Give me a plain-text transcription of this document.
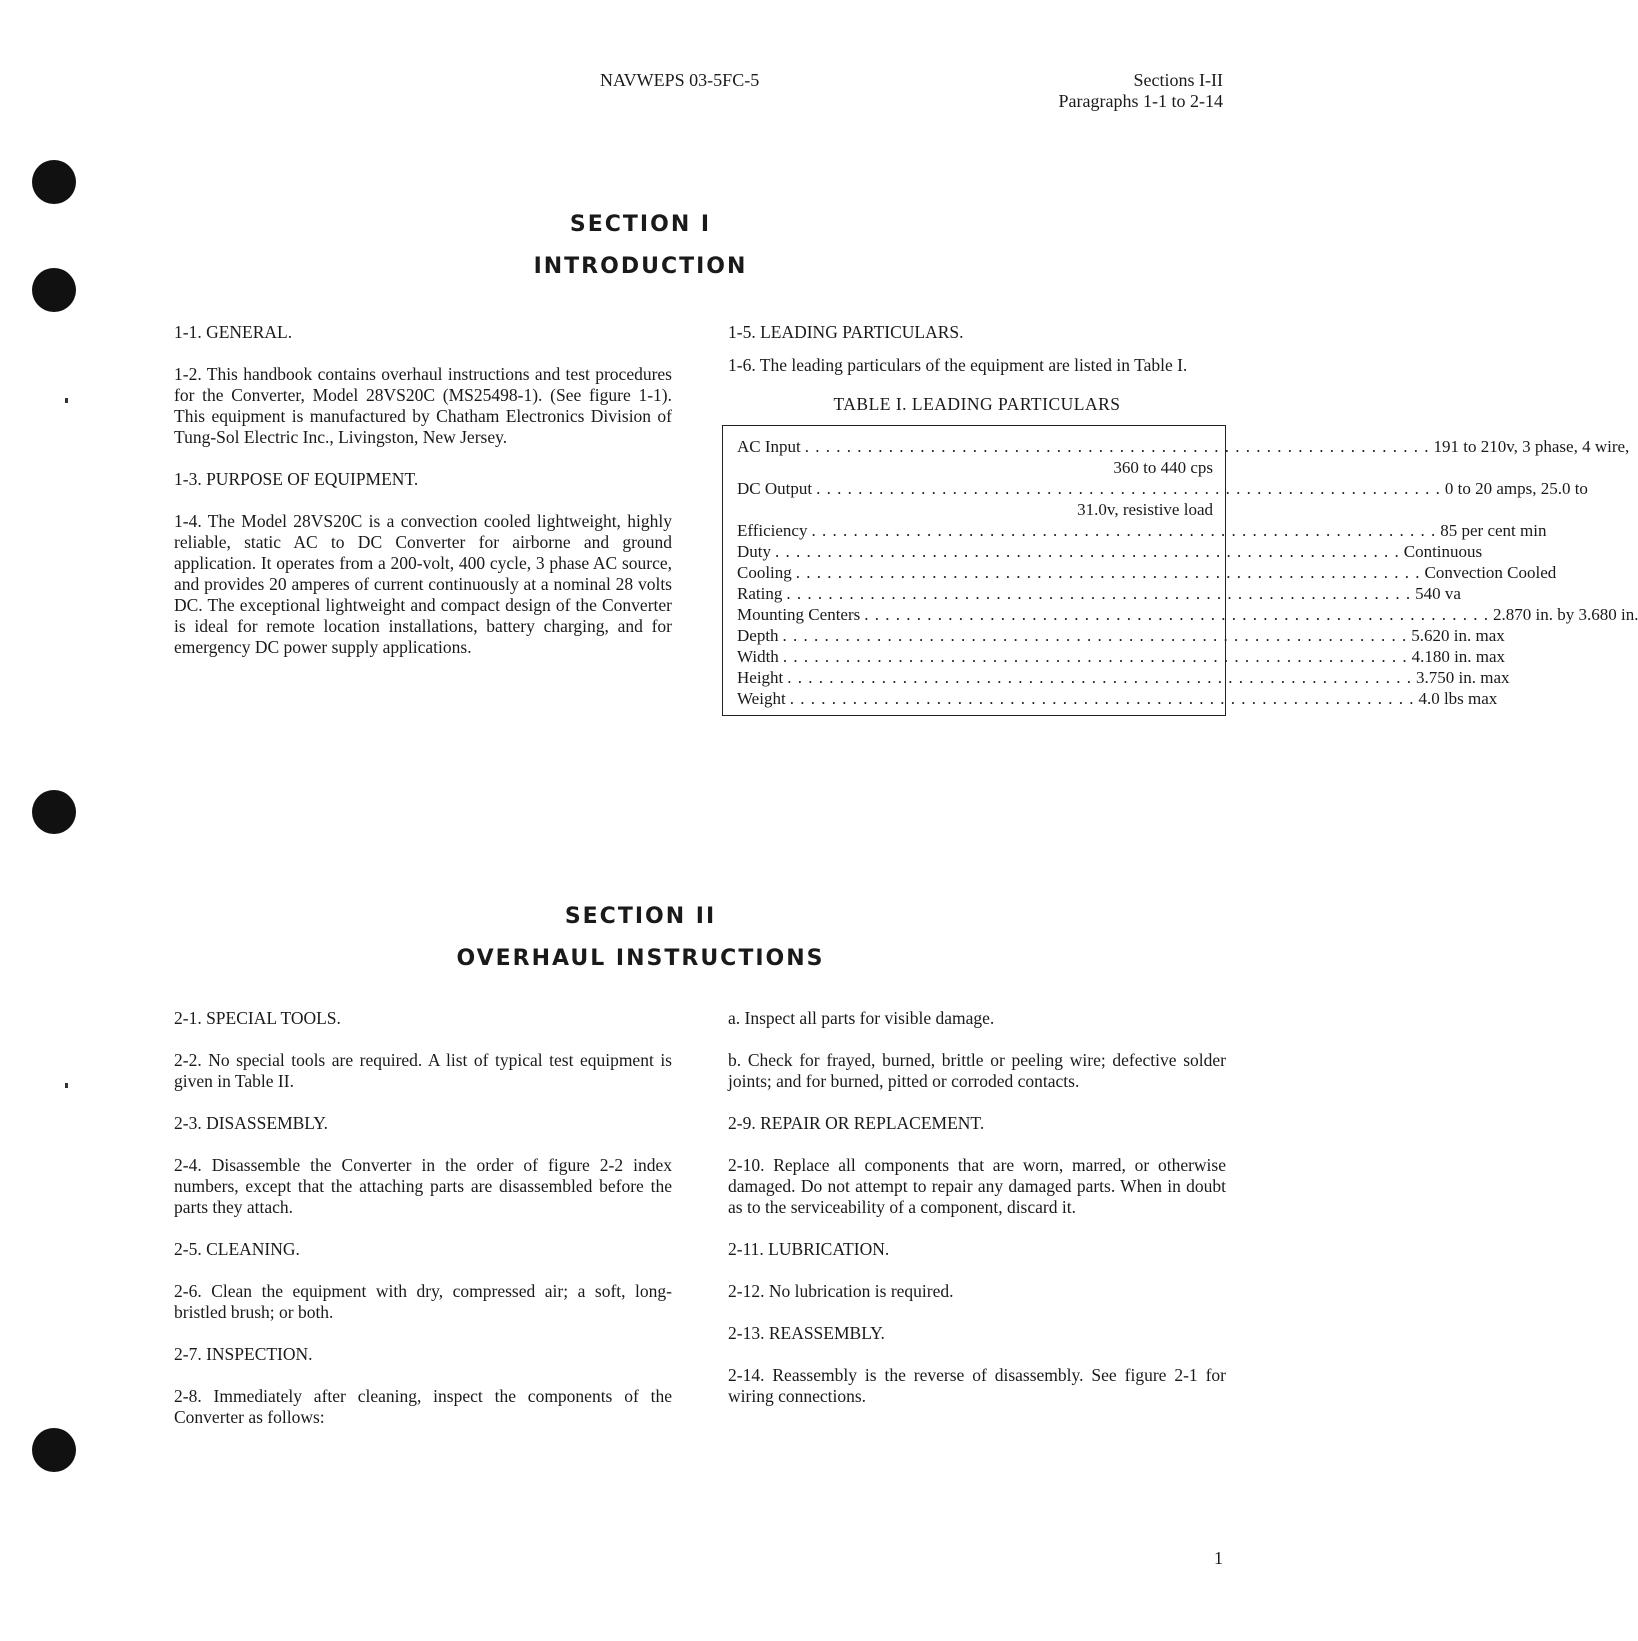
NAVWEPS 03-5FC-5	Sections I-II
Paragraphs 1-1 to 2-14
SECTION I
INTRODUCTION

1-1. GENERAL.

1-2. This handbook contains overhaul instructions and test procedures for the Converter, Model 28VS20C (MS25498-1). (See figure 1-1). This equipment is manufactured by Chatham Electronics Division of Tung-Sol Electric Inc., Livingston, New Jersey.

1-3. PURPOSE OF EQUIPMENT.

1-4. The Model 28VS20C is a convection cooled lightweight, highly reliable, static AC to DC Converter for airborne and ground application. It operates from a 200-volt, 400 cycle, 3 phase AC source, and provides 20 amperes of current continuously at a nominal 28 volts DC. The exceptional lightweight and compact design of the Converter is ideal for remote location installations, battery charging, and for emergency DC power supply applications.

1-5. LEADING PARTICULARS.

1-6. The leading particulars of the equipment are listed in Table I.

TABLE I. LEADING PARTICULARS
AC Input . . . . . . . . . . . . . . . . . . . . . . . . . . . . . . . . . . . . . . . . . . . . . . . . . . . . . . . . . . . . 191 to 210v, 3 phase, 4 wire,
360 to 440 cps
DC Output . . . . . . . . . . . . . . . . . . . . . . . . . . . . . . . . . . . . . . . . . . . . . . . . . . . . . . . . . . . . 0 to 20 amps, 25.0 to
31.0v, resistive load
Efficiency . . . . . . . . . . . . . . . . . . . . . . . . . . . . . . . . . . . . . . . . . . . . . . . . . . . . . . . . . . . . 85 per cent min
Duty . . . . . . . . . . . . . . . . . . . . . . . . . . . . . . . . . . . . . . . . . . . . . . . . . . . . . . . . . . . . Continuous
Cooling . . . . . . . . . . . . . . . . . . . . . . . . . . . . . . . . . . . . . . . . . . . . . . . . . . . . . . . . . . . . Convection Cooled
Rating . . . . . . . . . . . . . . . . . . . . . . . . . . . . . . . . . . . . . . . . . . . . . . . . . . . . . . . . . . . . 540 va
Mounting Centers . . . . . . . . . . . . . . . . . . . . . . . . . . . . . . . . . . . . . . . . . . . . . . . . . . . . . . . . . . . . 2.870 in. by 3.680 in.
Depth . . . . . . . . . . . . . . . . . . . . . . . . . . . . . . . . . . . . . . . . . . . . . . . . . . . . . . . . . . . . 5.620 in. max
Width . . . . . . . . . . . . . . . . . . . . . . . . . . . . . . . . . . . . . . . . . . . . . . . . . . . . . . . . . . . . 4.180 in. max
Height . . . . . . . . . . . . . . . . . . . . . . . . . . . . . . . . . . . . . . . . . . . . . . . . . . . . . . . . . . . . 3.750 in. max
Weight . . . . . . . . . . . . . . . . . . . . . . . . . . . . . . . . . . . . . . . . . . . . . . . . . . . . . . . . . . . . 4.0 lbs max
SECTION II
OVERHAUL INSTRUCTIONS

2-1. SPECIAL TOOLS.

2-2. No special tools are required. A list of typical test equipment is given in Table II.

2-3. DISASSEMBLY.

2-4. Disassemble the Converter in the order of figure 2-2 index numbers, except that the attaching parts are disassembled before the parts they attach.

2-5. CLEANING.

2-6. Clean the equipment with dry, compressed air; a soft, long-bristled brush; or both.

2-7. INSPECTION.

2-8. Immediately after cleaning, inspect the components of the Converter as follows:

a. Inspect all parts for visible damage.

b. Check for frayed, burned, brittle or peeling wire; defective solder joints; and for burned, pitted or corroded contacts.

2-9. REPAIR OR REPLACEMENT.

2-10. Replace all components that are worn, marred, or otherwise damaged. Do not attempt to repair any damaged parts. When in doubt as to the serviceability of a component, discard it.

2-11. LUBRICATION.

2-12. No lubrication is required.

2-13. REASSEMBLY.

2-14. Reassembly is the reverse of disassembly. See figure 2-1 for wiring connections.

1
